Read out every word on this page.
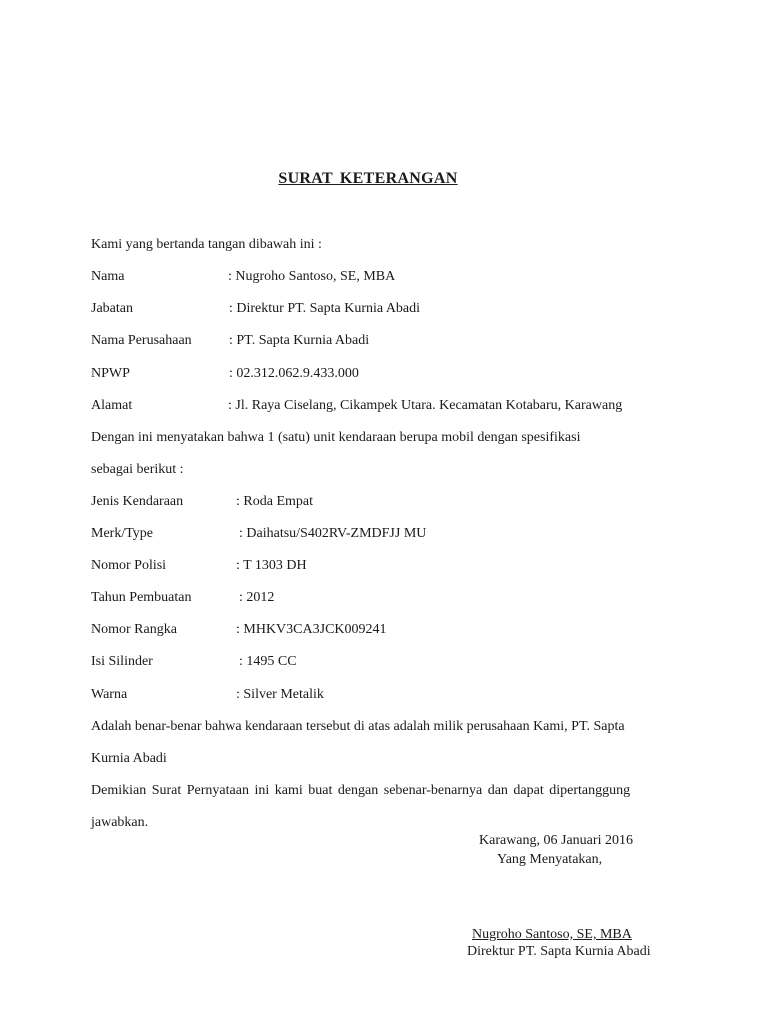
SURAT KETERANGAN
Kami yang bertanda tangan dibawah ini :
Nama	: Nugroho Santoso, SE, MBA
Jabatan	: Direktur PT. Sapta Kurnia Abadi
Nama Perusahaan	: PT. Sapta Kurnia Abadi
NPWP	: 02.312.062.9.433.000
Alamat	: Jl. Raya Ciselang, Cikampek Utara. Kecamatan Kotabaru, Karawang
Dengan ini menyatakan bahwa 1 (satu) unit kendaraan berupa mobil dengan spesifikasi
sebagai berikut :
Jenis Kendaraan	: Roda Empat
Merk/Type	: Daihatsu/S402RV-ZMDFJJ MU
Nomor Polisi	: T 1303 DH
Tahun Pembuatan	: 2012
Nomor Rangka	: MHKV3CA3JCK009241
Isi Silinder	: 1495 CC
Warna	: Silver Metalik
Adalah benar-benar bahwa kendaraan tersebut di atas adalah milik perusahaan Kami, PT. Sapta
Kurnia Abadi
Demikian Surat Pernyataan ini kami buat dengan sebenar-benarnya dan dapat dipertanggung
jawabkan.
Karawang, 06 Januari 2016
Yang Menyatakan,
Nugroho Santoso, SE, MBA
Direktur PT. Sapta Kurnia Abadi
